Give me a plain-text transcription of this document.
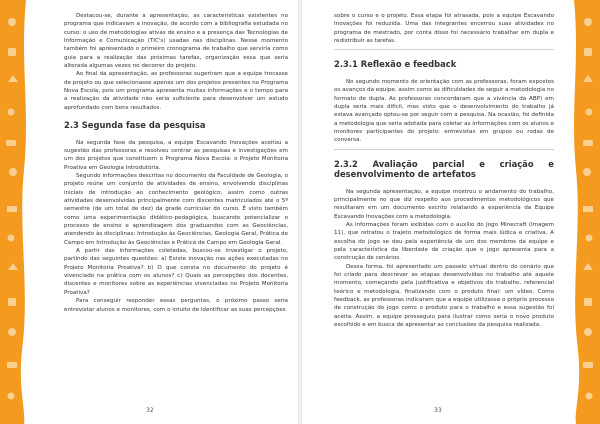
Destacou-se, durante a apresentação, as características existentes no programa que indicavam a inovação, de acordo com a bibliografia estudada no curso: o uso de metodologias ativas de ensino e a presença das Tecnologias de Informação e Comunicação (TIC's) usadas nas disciplinas. Nesse momento também foi apresentado o primeiro cronograma de trabalho que serviria como guia para a realização das próximas tarefas, organização essa que seria alterada algumas vezes no decorrer do projeto.

Ao final da apresentação, as professoras sugeriram que a equipe trocasse de projeto ou que selecionasse apenas um dos projetos presentes no Programa Nova Escola, pois um programa apresenta muitas informações e o tempo para a realização da atividade não seria suficiente para desenvolver um estudo aprofundado com bons resultados.

2.3 Segunda fase da pesquisa

Na segunda fase da pesquisa, a equipe Escavando Inovações aceitou a sugestão das professoras e resolveu centrar as pesquisas e investigações em um dos projetos que constituem o Programa Nova Escola: o Projeto Monitoria Proativa em Geologia Introdutória.

Segundo informações descritas no documento da Faculdade de Geologia, o projeto reúne um conjunto de atividades de ensino, envolvendo disciplinas iniciais de introdução ao conhecimento geológico, assim como outras atividades desenvolvidas principalmente com discentes matriculados até o 5º semestre (de um total de dez) da grade curricular do curso. É visto também como uma experimentação didático-pedagógica, buscando potencializar o processo de ensino e aprendizagem dos graduandos com as Geociências, atendendo às disciplinas: Introdução às Geociências, Geologia Geral, Prática de Campo em Introdução às Geociências e Prática de Campo em Geologia Geral.

A partir das informações coletadas, buscou-se investigar o projeto, partindo das seguintes questões: a) Existe inovação nas ações executadas no Projeto Monitoria Proativa? b) O que consta no documento do projeto é vivenciado na prática com os alunos? c) Quais as percepções dos docentes, discentes e monitores sobre as experiências vivenciadas no Projeto Monitoria Proativa?

Para conseguir responder essas perguntas, o próximo passo seria entrevistar alunos e monitores, com o intuito de identificar as suas percepções

32

sobre o curso e o projeto. Essa etapa foi atrasada, pois a equipe Escavando Inovações foi reduzida. Uma das integrantes encerrou suas atividades no programa de mestrado, por conta disso foi necessário trabalhar em dupla e redistribuir as tarefas.

2.3.1 Reflexão e feedback

No segundo momento de orientação com as professoras, foram expostos os avanços da equipe, assim como as dificuldades de seguir a metodologia no formato de dupla. As professoras concordaram que a vivência da ABP) em dupla seria mais difícil, mas visto que o desenvolvimento do trabalho já estava avançado optou-se por seguir com a pesquisa. Na ocasião, foi definida a metodologia que seria adotada para coletar as informações com os alunos e monitores participantes do projeto: entrevistas em grupos ou rodas de conversa.

2.3.2 Avaliação parcial e criação e desenvolvimento de artefatos

Na segunda apresentação, a equipe mostrou o andamento do trabalho, principalmente no que diz respeito aos procedimentos metodológicos que resultaram em um documento escrito relatando a experiência da Equipe Escavando Inovações com a metodologia.

As informações foram exibidas com o auxílio do Jogo Minecraft (Imagem 11), que retratou o trajeto metodológico de forma mais lúdica e criativa. A escolha do jogo se deu pela experiência de um dos membros da equipe e pela característica da liberdade de criação que o jogo apresenta para a construção de cenários.

Dessa forma, foi apresentado um passeio virtual dentro do cenário que foi criado para descrever as etapas desenvolvidas no trabalho até aquele momento, começando pela justificativa e objetivos do trabalho, referencial teórico e metodologia, finalizando com o produto final: um vídeo. Como feedback, as professoras indicaram que a equipe utilizasse o próprio processo de construção do jogo como o produto para o trabalho e essa sugestão foi aceita. Assim, a equipe prosseguiu para ilustrar como seria o novo produto escolhido e em busca de apresentar as conclusões da pesquisa realizada.

33
